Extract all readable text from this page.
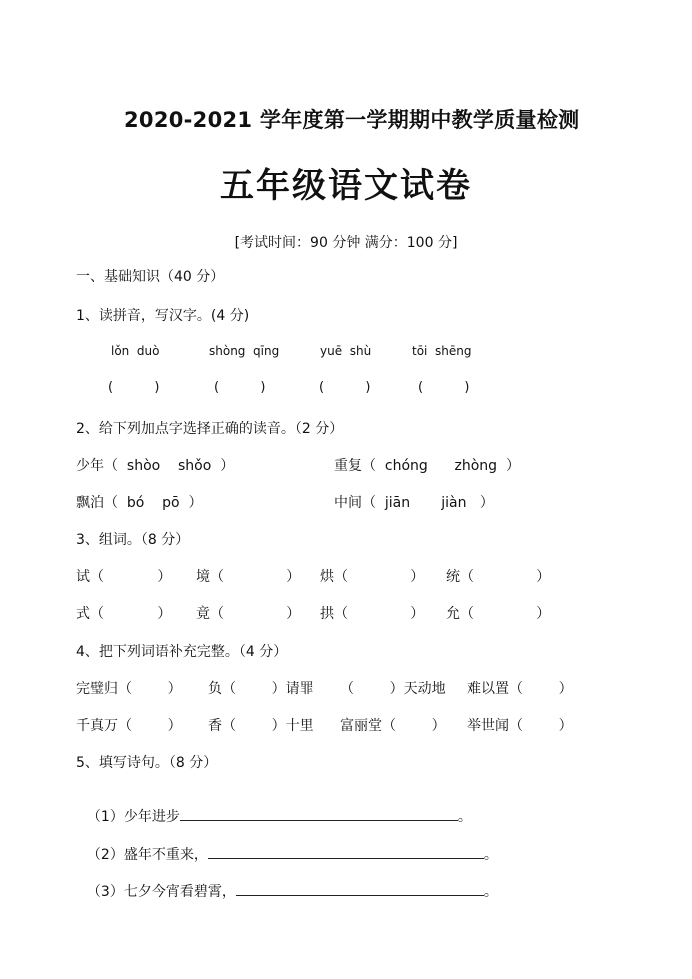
2020-2021 学年度第一学期期中教学质量检测
五年级语文试卷
[考试时间：90 分钟 满分：100 分]
一、基础知识（40 分）
1、读拼音，写汉字。(4 分)
lǒn  duò	shòng  qīng	yuē  shù	tōi  shēng
(          )	(          )	(          )	(          )
2、给下列加点字选择正确的读音。（2 分）
少年（  shòo    shǒo  ）	重复（  chóng      zhòng  ）
飘泊（  bó    pō  ）	中间（  jiān       jiàn   ）
3、组词。（8 分）
试（            ） 境（              ） 烘（              ） 统（              ）
式（            ） 竟（              ） 拱（              ） 允（              ）
4、把下列词语补充完整。（4 分）
完璧归（        ） 负（        ）请罪 （        ）天动地 难以置（        ）
千真万（        ） 香（        ）十里 富丽堂（        ） 举世闻（        ）
5、填写诗句。（8 分）

（1）少年进步	。

（2）盛年不重来，	。

（3）七夕今宵看碧霄，	。
